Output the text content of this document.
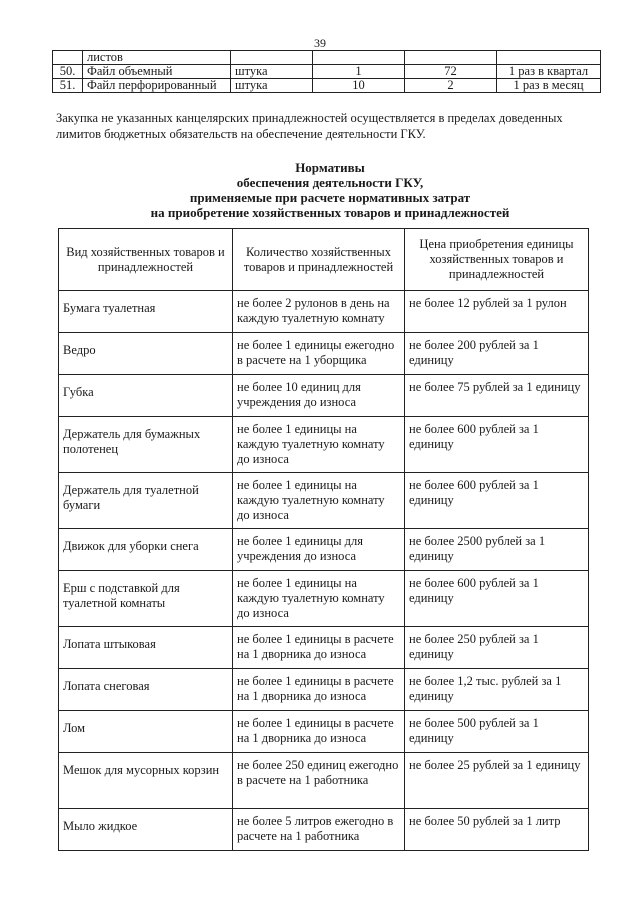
39
	листов				
50.	Файл объемный	штука	1	72	1 раз в квартал
51.	Файл перфорированный	штука	10	2	1 раз в месяц
Закупка не указанных канцелярских принадлежностей осуществляется в пределах доведенных лимитов бюджетных обязательств на обеспечение деятельности ГКУ.
Нормативы
обеспечения деятельности ГКУ,
применяемые при расчете нормативных затрат
на приобретение хозяйственных товаров и принадлежностей
Вид хозяйственных товаров и принадлежностей	Количество хозяйственных товаров и принадлежностей	Цена приобретения единицы хозяйственных товаров и принадлежностей
Бумага туалетная	не более 2 рулонов в день на каждую туалетную комнату	не более 12 рублей за 1 рулон
Ведро	не более 1 единицы ежегодно в расчете на 1 уборщика	не более 200 рублей за 1 единицу
Губка	не более 10 единиц для учреждения до износа	не более 75 рублей за 1 единицу
Держатель для бумажных полотенец	не более 1 единицы на каждую туалетную комнату до износа	не более 600 рублей за 1 единицу
Держатель для туалетной бумаги	не более 1 единицы на каждую туалетную комнату до износа	не более 600 рублей за 1 единицу
Движок для уборки снега	не более 1 единицы для учреждения до износа	не более 2500 рублей за 1 единицу
Ерш с подставкой для туалетной комнаты	не более 1 единицы на каждую туалетную комнату до износа	не более 600 рублей за 1 единицу
Лопата штыковая	не более 1 единицы в расчете на 1 дворника до износа	не более 250 рублей за 1 единицу
Лопата снеговая	не более 1 единицы в расчете на 1 дворника до износа	не более 1,2 тыс. рублей за 1 единицу
Лом	не более 1 единицы в расчете на 1 дворника до износа	не более 500 рублей за 1 единицу
Мешок для мусорных корзин	не более 250 единиц ежегодно в расчете на 1 работника	не более 25 рублей за 1 единицу
Мыло жидкое	не более 5 литров ежегодно в расчете на 1 работника	не более 50 рублей за 1 литр
